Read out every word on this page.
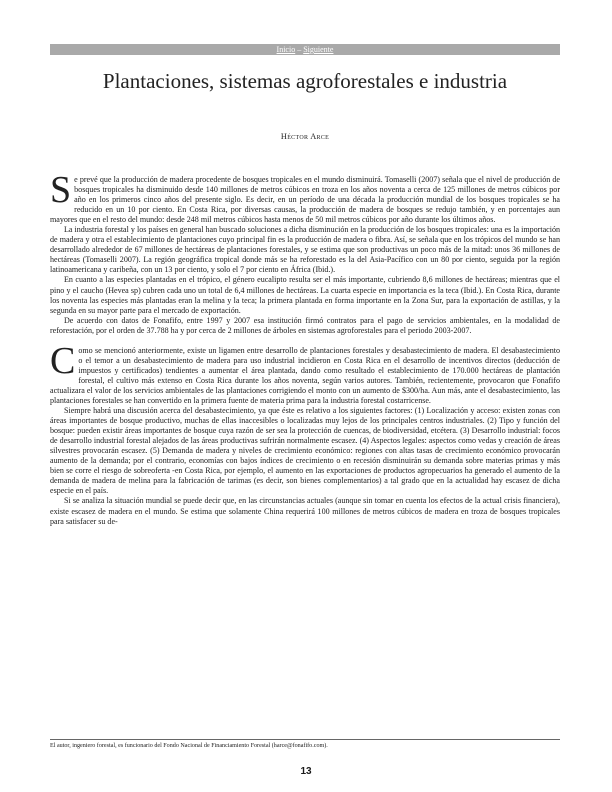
Inicio – Siguiente
Plantaciones, sistemas agroforestales e industria
Héctor Arce
S e prevé que la producción de madera procedente de bosques tropicales en el mundo disminuirá. Tomaselli (2007) señala que el nivel de producción de bosques tropicales ha disminuido desde 140 millones de metros cúbicos en troza en los años noventa a cerca de 125 millones de metros cúbicos por año en los primeros cinco años del presente siglo. Es decir, en un período de una década la producción mundial de los bosques tropicales se ha reducido en un 10 por ciento. En Costa Rica, por diversas causas, la producción de madera de bosques se redujo también, y en porcentajes aun mayores que en el resto del mundo: desde 248 mil metros cúbicos hasta menos de 50 mil metros cúbicos por año durante los últimos años.

La industria forestal y los países en general han buscado soluciones a dicha disminución en la producción de los bosques tropicales: una es la importación de madera y otra el establecimiento de plantaciones cuyo principal fin es la producción de madera o fibra. Así, se señala que en los trópicos del mundo se han desarrollado alrededor de 67 millones de hectáreas de plantaciones forestales, y se estima que son productivas un poco más de la mitad: unos 36 millones de hectáreas (Tomaselli 2007). La región geográfica tropical donde más se ha reforestado es la del Asia-Pacífico con un 80 por ciento, seguida por la región latinoamericana y caribeña, con un 13 por ciento, y solo el 7 por ciento en África (Ibid.).

En cuanto a las especies plantadas en el trópico, el género eucalipto resulta ser el más importante, cubriendo 8,6 millones de hectáreas; mientras que el pino y el caucho (Hevea sp) cubren cada uno un total de 6,4 millones de hectáreas. La cuarta especie en importancia es la teca (Ibid.). En Costa Rica, durante los noventa las especies más plantadas eran la melina y la teca; la primera plantada en forma importante en la Zona Sur, para la exportación de astillas, y la segunda en su mayor parte para el mercado de exportación.

De acuerdo con datos de Fonafifo, entre 1997 y 2007 esa institución firmó contratos para el pago de servicios ambientales, en la modalidad de reforestación, por el orden de 37.788 ha y por cerca de 2 millones de árboles en sistemas agroforestales para el periodo 2003-2007.

C omo se mencionó anteriormente, existe un ligamen entre desarrollo de plantaciones forestales y desabastecimiento de madera. El desabastecimiento o el temor a un desabastecimiento de madera para uso industrial incidieron en Costa Rica en el desarrollo de incentivos directos (deducción de impuestos y certificados) tendientes a aumentar el área plantada, dando como resultado el establecimiento de 170.000 hectáreas de plantación forestal, el cultivo más extenso en Costa Rica durante los años noventa, según varios autores. También, recientemente, provocaron que Fonafifo actualizara el valor de los servicios ambientales de las plantaciones corrigiendo el monto con un aumento de $300/ha. Aun más, ante el desabastecimiento, las plantaciones forestales se han convertido en la primera fuente de materia prima para la industria forestal costarricense.

Siempre habrá una discusión acerca del desabastecimiento, ya que éste es relativo a los siguientes factores: (1) Localización y acceso: existen zonas con áreas importantes de bosque productivo, muchas de ellas inaccesibles o localizadas muy lejos de los principales centros industriales. (2) Tipo y función del bosque: pueden existir áreas importantes de bosque cuya razón de ser sea la protección de cuencas, de biodiversidad, etcétera. (3) Desarrollo industrial: focos de desarrollo industrial forestal alejados de las áreas productivas sufrirán normalmente escasez. (4) Aspectos legales: aspectos como vedas y creación de áreas silvestres provocarán escasez. (5) Demanda de madera y niveles de crecimiento económico: regiones con altas tasas de crecimiento económico provocarán aumento de la demanda; por el contrario, economías con bajos índices de crecimiento o en recesión disminuirán su demanda sobre materias primas y más bien se corre el riesgo de sobreoferta -en Costa Rica, por ejemplo, el aumento en las exportaciones de productos agropecuarios ha generado el aumento de la demanda de madera de melina para la fabricación de tarimas (es decir, son bienes complementarios) a tal grado que en la actualidad hay escasez de dicha especie en el país.

Si se analiza la situación mundial se puede decir que, en las circunstancias actuales (aunque sin tomar en cuenta los efectos de la actual crisis financiera), existe escasez de madera en el mundo. Se estima que solamente China requerirá 100 millones de metros cúbicos de madera en troza de bosques tropicales para satisfacer su de-

El autor, ingeniero forestal, es funcionario del Fondo Nacional de Financiamiento Forestal (harce@fonafifo.com).
13
